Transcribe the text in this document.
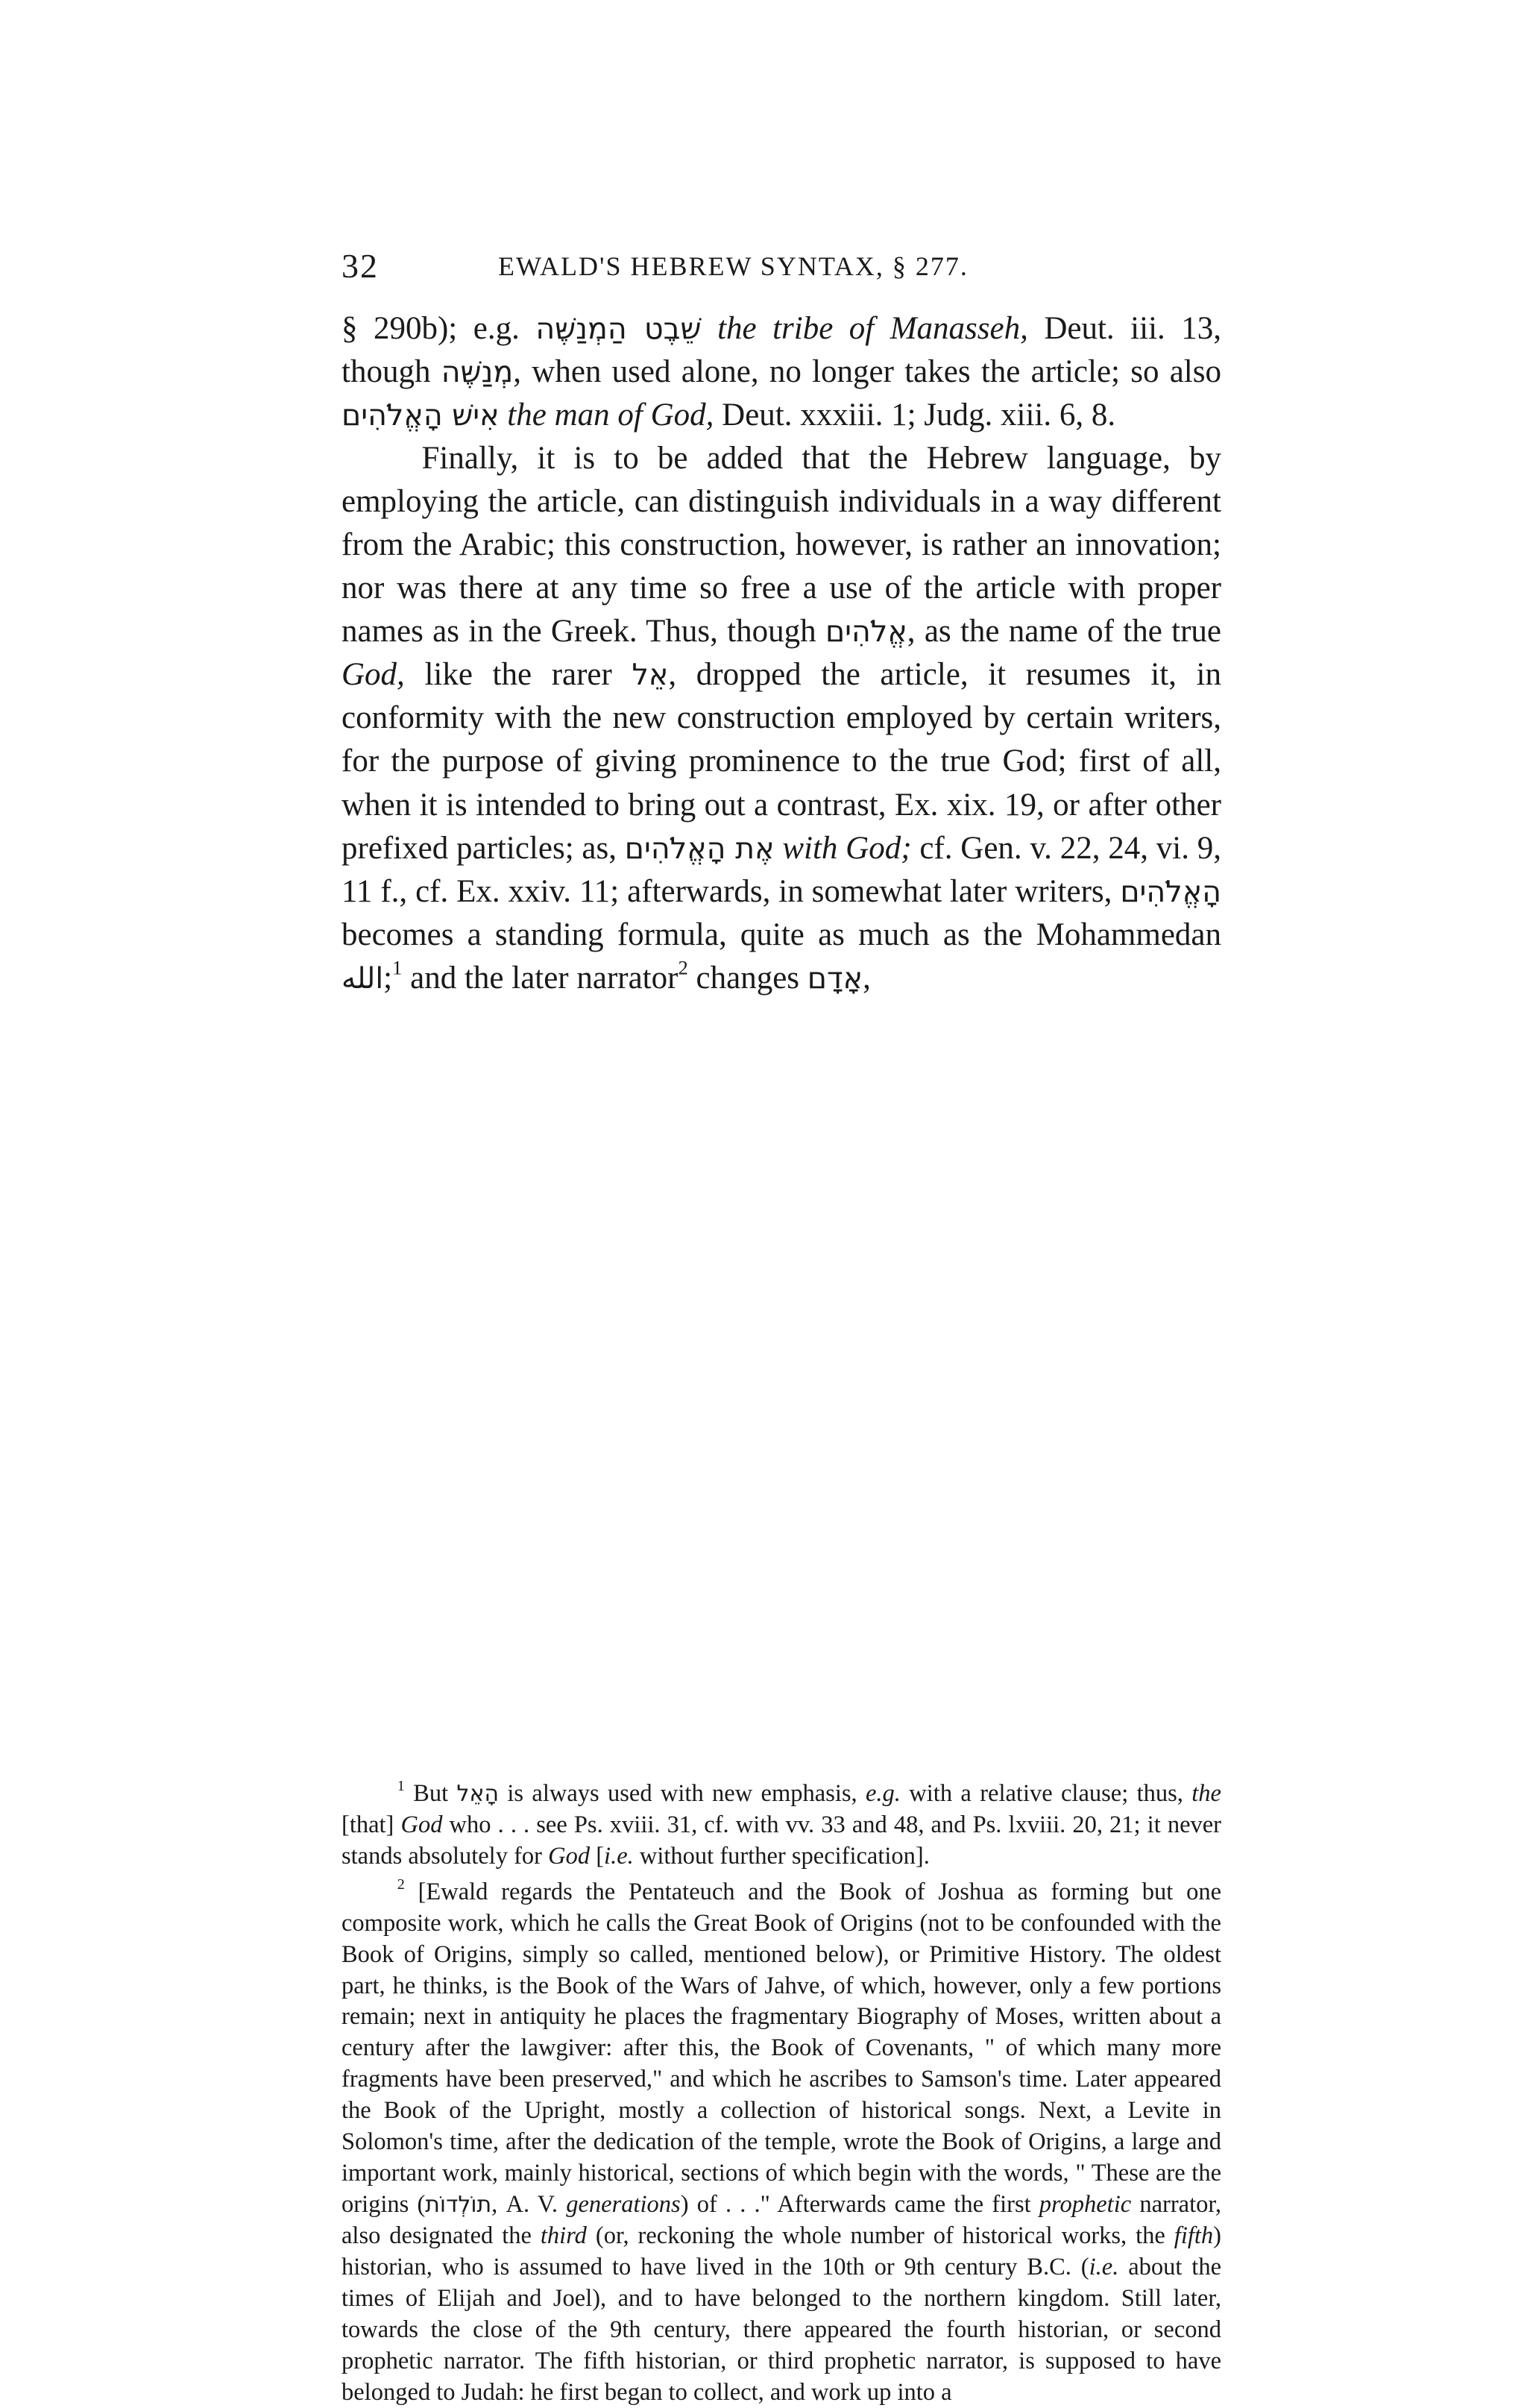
32	EWALD'S HEBREW SYNTAX, § 277.

§ 290b); e.g. שֵׁבֶט הַמְנַשֶּׁה the tribe of Manasseh, Deut. iii. 13, though מְנַשֶּׁה, when used alone, no longer takes the article; so also אִישׁ הָאֱלֹהִים the man of God, Deut. xxxiii. 1; Judg. xiii. 6, 8.

Finally, it is to be added that the Hebrew language, by employing the article, can distinguish individuals in a way different from the Arabic; this construction, however, is rather an innovation; nor was there at any time so free a use of the article with proper names as in the Greek. Thus, though אֱלֹהִים, as the name of the true God, like the rarer אֵל, dropped the article, it resumes it, in conformity with the new construction employed by certain writers, for the purpose of giving prominence to the true God; first of all, when it is intended to bring out a contrast, Ex. xix. 19, or after other prefixed particles; as, אֶת הָאֱלֹהִים with God; cf. Gen. v. 22, 24, vi. 9, 11 f., cf. Ex. xxiv. 11; afterwards, in somewhat later writers, הָאֱלֹהִים becomes a standing formula, quite as much as the Mohammedan الله;$^1$ and the later narrator$^2$ changes אָדָם,

$^1$ But הָאֵל is always used with new emphasis, e.g. with a relative clause; thus, the [that] God who . . . see Ps. xviii. 31, cf. with vv. 33 and 48, and Ps. lxviii. 20, 21; it never stands absolutely for God [i.e. without further specification].

$^2$ [Ewald regards the Pentateuch and the Book of Joshua as forming but one composite work, which he calls the Great Book of Origins (not to be confounded with the Book of Origins, simply so called, mentioned below), or Primitive History. The oldest part, he thinks, is the Book of the Wars of Jahve, of which, however, only a few portions remain; next in antiquity he places the fragmentary Biography of Moses, written about a century after the lawgiver: after this, the Book of Covenants, " of which many more fragments have been preserved," and which he ascribes to Samson's time. Later appeared the Book of the Upright, mostly a collection of historical songs. Next, a Levite in Solomon's time, after the dedication of the temple, wrote the Book of Origins, a large and important work, mainly historical, sections of which begin with the words, " These are the origins (תוֹלְדוֹת, A. V. generations) of . . ." Afterwards came the first prophetic narrator, also designated the third (or, reckoning the whole number of historical works, the fifth) historian, who is assumed to have lived in the 10th or 9th century B.C. (i.e. about the times of Elijah and Joel), and to have belonged to the northern kingdom. Still later, towards the close of the 9th century, there appeared the fourth historian, or second prophetic narrator. The fifth historian, or third prophetic narrator, is supposed to have belonged to Judah: he first began to collect, and work up into a
